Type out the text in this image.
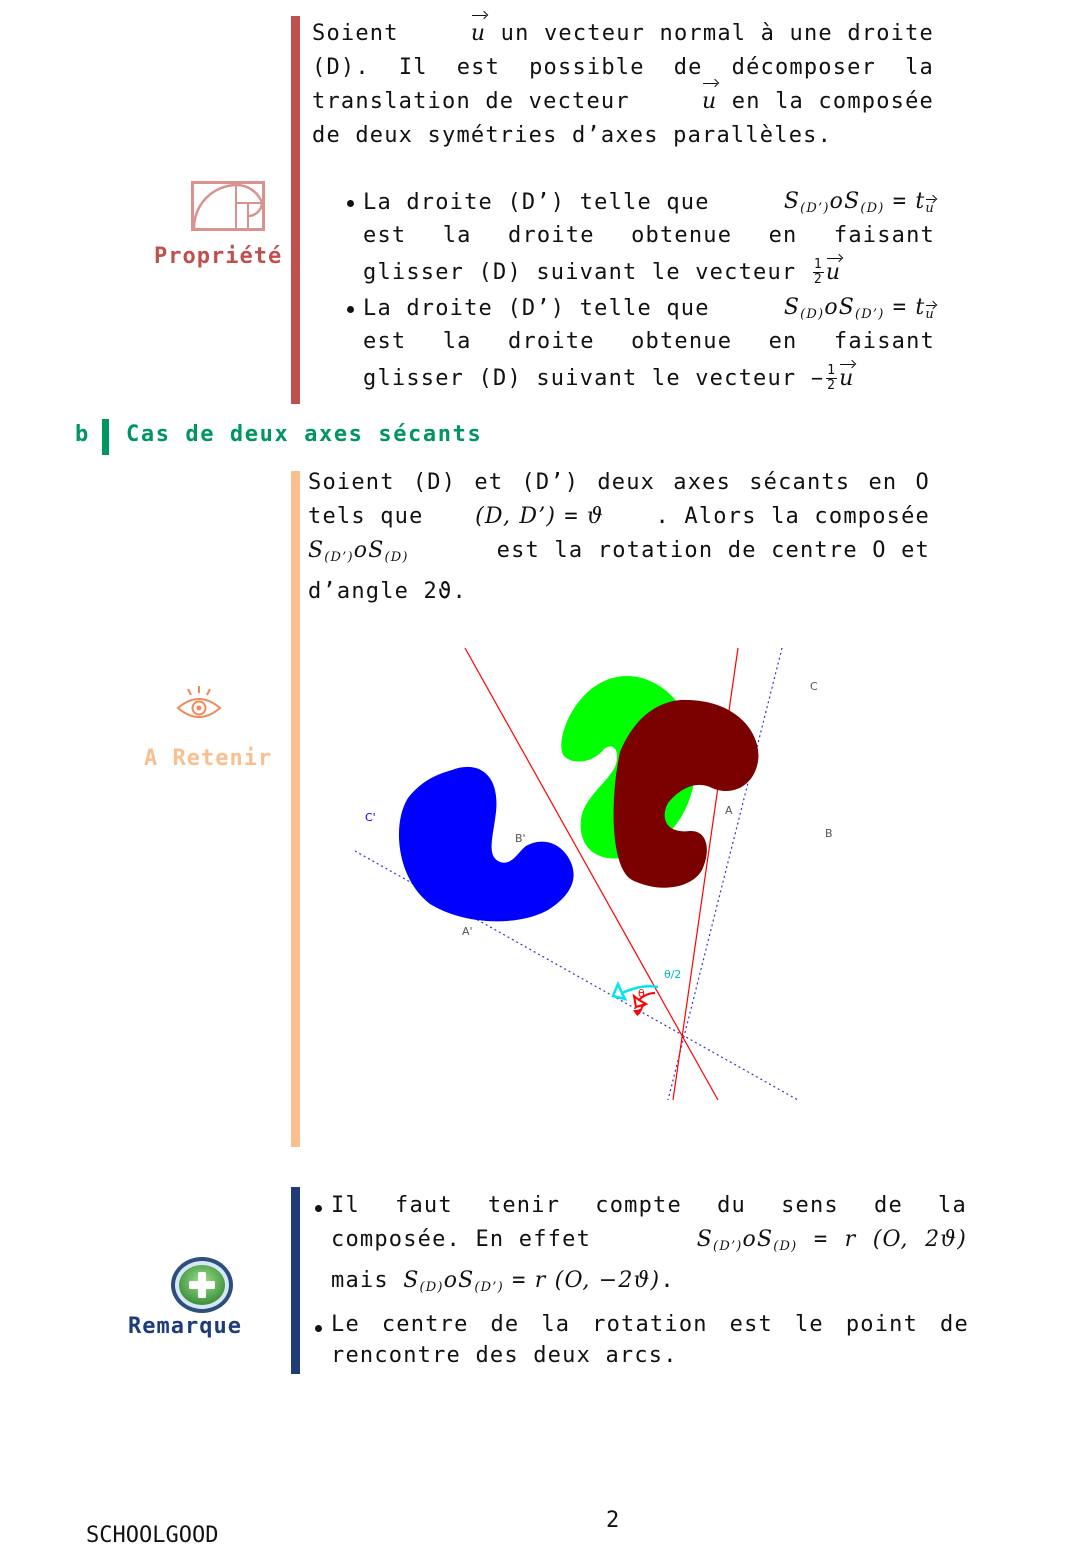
Propriété
Soient	u un vecteur normal à une droite
(D). Il est possible de décomposer la
translation de vecteur	u en la composée
de deux symétries d’axes parallèles.
La droite (D’) telle que	$S_{(D’)}oS_{(D)} = t_u$
est la droite obtenue en faisant
glisser (D) suivant le vecteur
$\frac{1}{2}$ u
La droite (D’) telle que	$S_{(D)}oS_{(D’)} = t_u$
est la droite obtenue en faisant
glisser (D) suivant le vecteur
− $\frac{1}{2}$ u
b Cas de deux axes sécants
A Retenir
Soient (D) et (D’) deux axes sécants en O
tels que (D, D’) = ϑ . Alors la composée
$S_{(D’)}oS_{(D)}$	est la rotation de centre O et
d’angle 2ϑ.
C
A
B
C'
B'
A'
θ/2
θ
Remarque
Il faut tenir compte du sens de la
composée. En effet	$S_{(D’)}oS_{(D)} = r$  (O,  2ϑ)
mais $S_{(D)}oS_{(D’)} = r$ (O, −2ϑ).
Le centre de la rotation est le point de
rencontre des deux arcs.
2
SCHOOLGOOD
